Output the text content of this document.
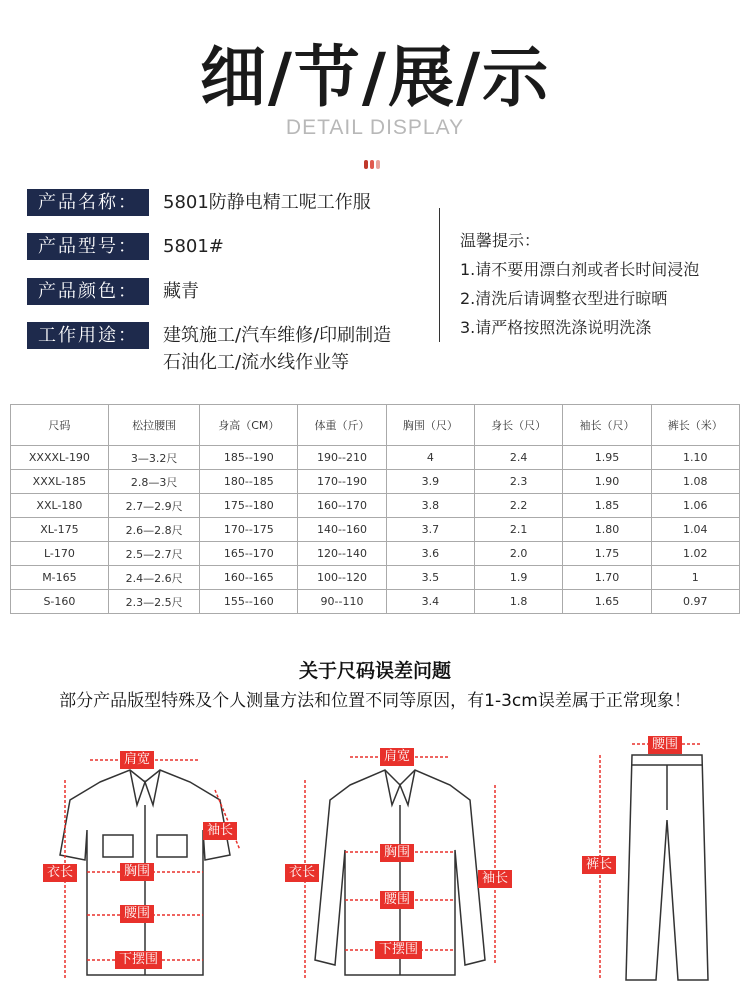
细/节/展/示
DETAIL DISPLAY
产品名称：	5801防静电精工呢工作服
产品型号：	5801#
产品颜色：	藏青
工作用途：	建筑施工/汽车维修/印刷制造
石油化工/流水线作业等
温馨提示：
1.请不要用漂白剂或者长时间浸泡
2.清洗后请调整衣型进行晾晒
3.请严格按照洗涤说明洗涤
尺码	松拉腰围	身高（CM）	体重（斤）	胸围（尺）	身长（尺）	袖长（尺）	裤长（米）
XXXXL-190	3—3.2尺	185--190	190--210	4	2.4	1.95	1.10
XXXL-185	2.8—3尺	180--185	170--190	3.9	2.3	1.90	1.08
XXL-180	2.7—2.9尺	175--180	160--170	3.8	2.2	1.85	1.06
XL-175	2.6—2.8尺	170--175	140--160	3.7	2.1	1.80	1.04
L-170	2.5—2.7尺	165--170	120--140	3.6	2.0	1.75	1.02
M-165	2.4—2.6尺	160--165	100--120	3.5	1.9	1.70	1
S-160	2.3—2.5尺	155--160	90--110	3.4	1.8	1.65	0.97
关于尺码误差问题
部分产品版型特殊及个人测量方法和位置不同等原因，有1-3cm误差属于正常现象！
肩宽
袖长
衣长	胸围
腰围
下摆围
肩宽
衣长
胸围
袖长
腰围
下摆围
腰围
裤长
